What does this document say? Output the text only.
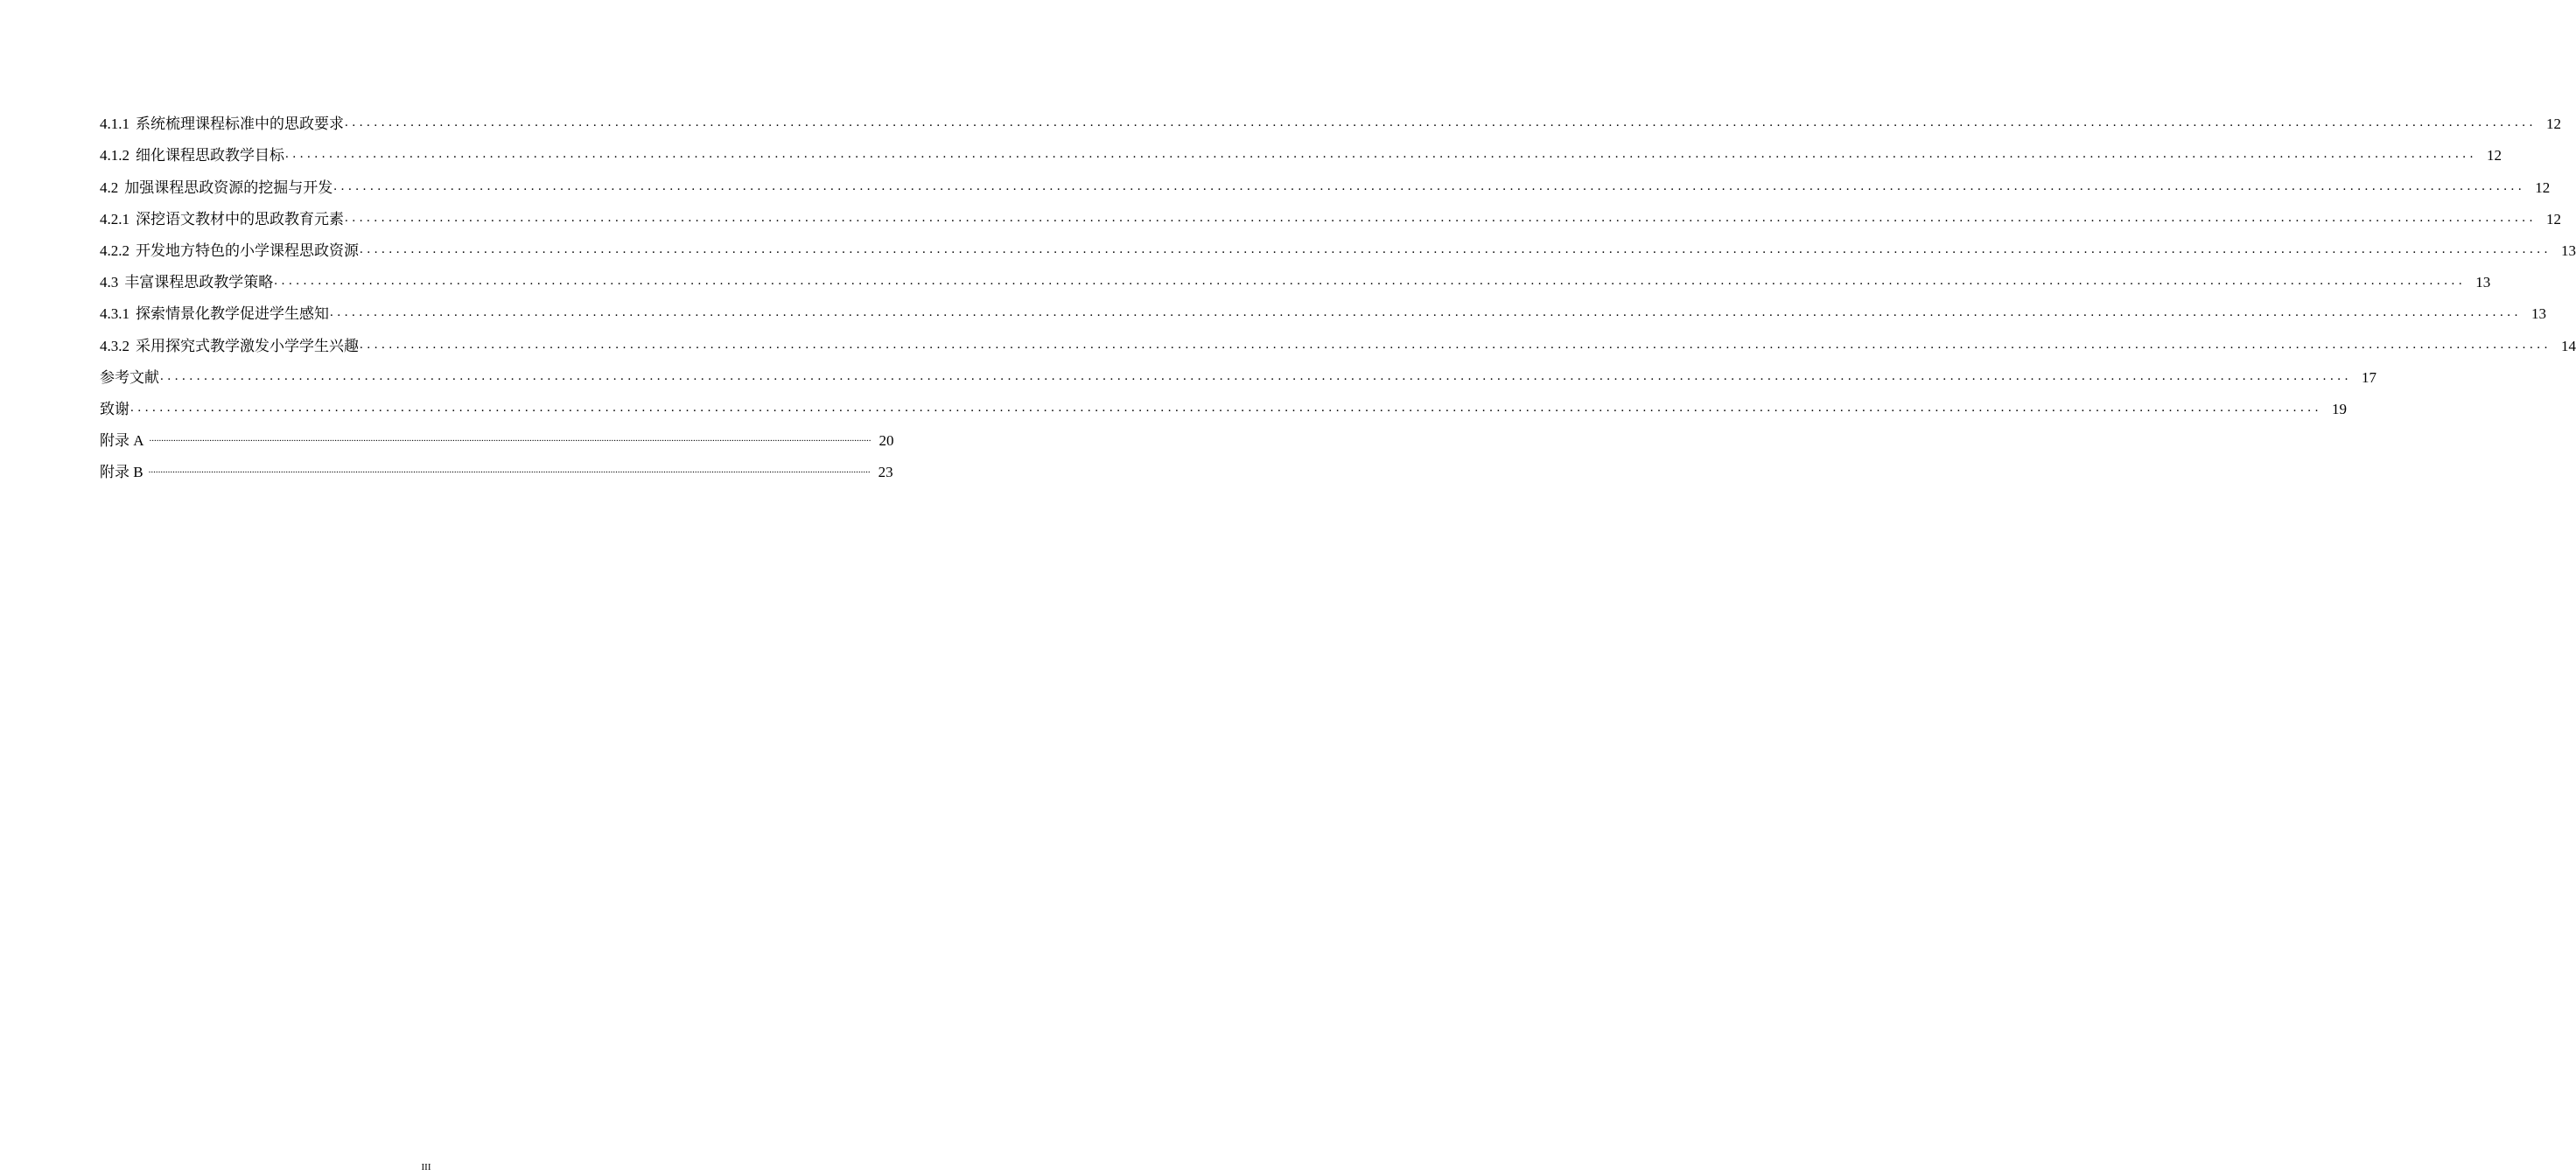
4.1.1 系统梳理课程标准中的思政要求 ............................................................................................................................................................................................................................................................................................................ 12
4.1.2 细化课程思政教学目标 ............................................................................................................................................................................................................................................................................................................ 12
4.2 加强课程思政资源的挖掘与开发 ............................................................................................................................................................................................................................................................................................................ 12
4.2.1 深挖语文教材中的思政教育元素 ............................................................................................................................................................................................................................................................................................................ 12
4.2.2 开发地方特色的小学课程思政资源 ............................................................................................................................................................................................................................................................................................................ 13
4.3 丰富课程思政教学策略 ............................................................................................................................................................................................................................................................................................................ 13
4.3.1 探索情景化教学促进学生感知 ............................................................................................................................................................................................................................................................................................................ 13
4.3.2 采用探究式教学激发小学学生兴趣 ............................................................................................................................................................................................................................................................................................................ 14
参考文献 ............................................................................................................................................................................................................................................................................................................ 17
致谢 ............................................................................................................................................................................................................................................................................................................ 19
附录 A ............................................................................................................................................................................................................................................................................................................ 20
附录 B ............................................................................................................................................................................................................................................................................................................ 23
III
